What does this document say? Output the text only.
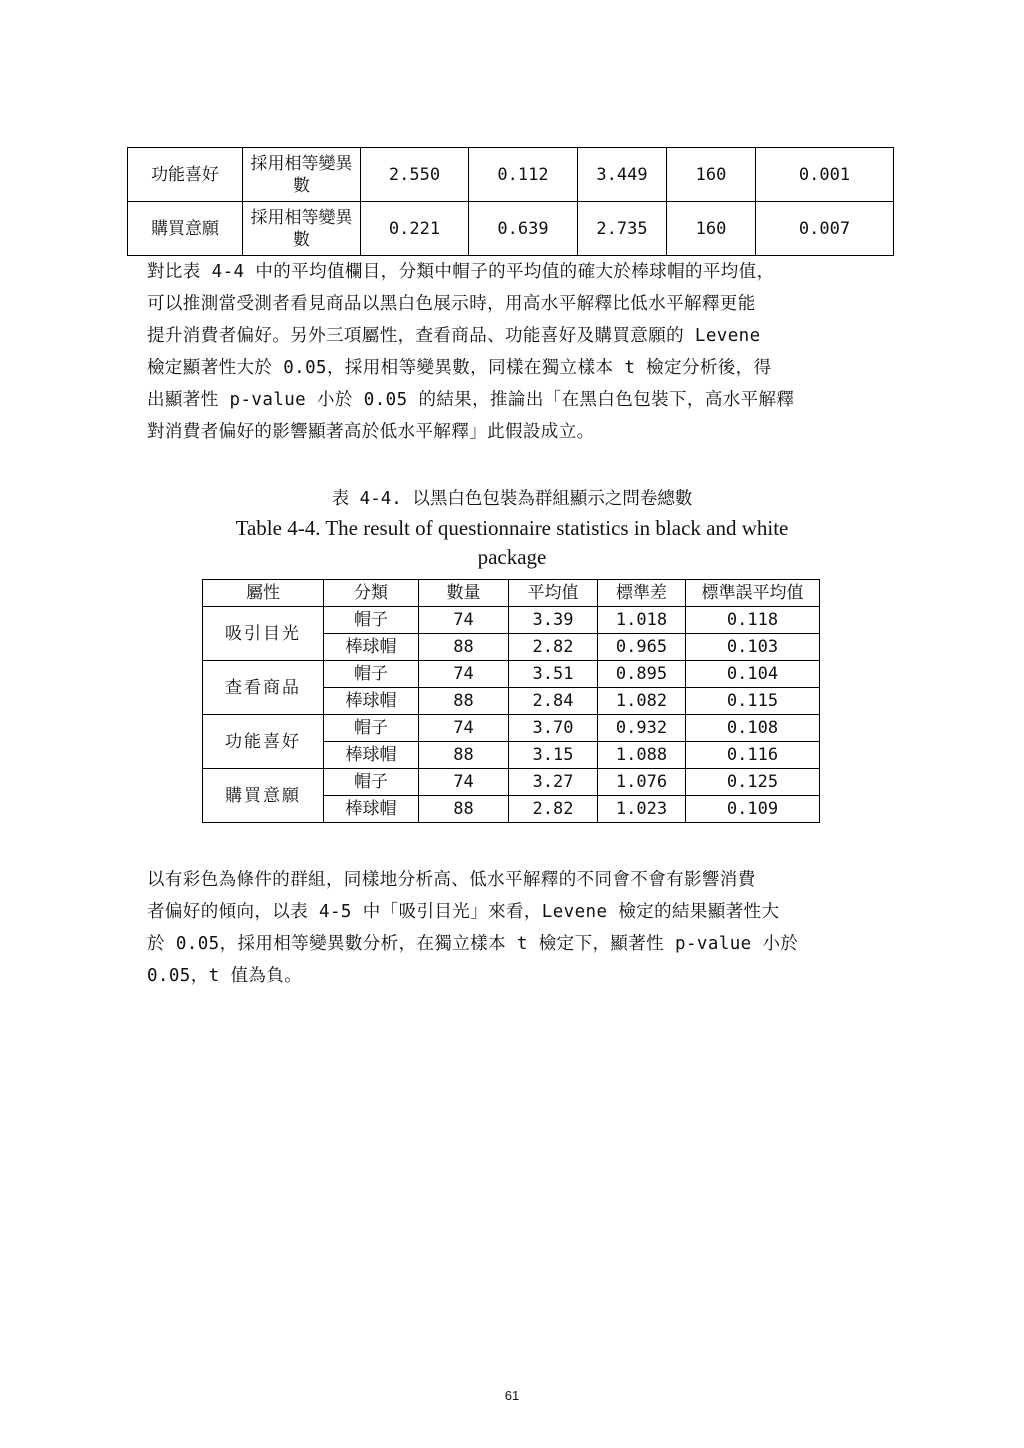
功能喜好	採用相等變異數	2.550	0.112	3.449	160	0.001
購買意願	採用相等變異數	0.221	0.639	2.735	160	0.007

對比表 4-4 中的平均值欄目，分類中帽子的平均值的確大於棒球帽的平均值，

可以推測當受測者看見商品以黑白色展示時，用高水平解釋比低水平解釋更能

提升消費者偏好。另外三項屬性，查看商品、功能喜好及購買意願的 Levene

檢定顯著性大於 0.05，採用相等變異數，同樣在獨立樣本 t 檢定分析後，得

出顯著性 p-value 小於 0.05 的結果，推論出「在黑白色包裝下，高水平解釋

對消費者偏好的影響顯著高於低水平解釋」此假設成立。

表 4-4. 以黑白色包裝為群組顯示之問卷總數
Table 4-4. The result of questionnaire statistics in black and white
package
屬性	分類	數量	平均值	標準差	標準誤平均值
吸引目光	帽子	74	3.39	1.018	0.118
	棒球帽	88	2.82	0.965	0.103
查看商品	帽子	74	3.51	0.895	0.104
	棒球帽	88	2.84	1.082	0.115
功能喜好	帽子	74	3.70	0.932	0.108
	棒球帽	88	3.15	1.088	0.116
購買意願	帽子	74	3.27	1.076	0.125
	棒球帽	88	2.82	1.023	0.109

以有彩色為條件的群組，同樣地分析高、低水平解釋的不同會不會有影響消費

者偏好的傾向，以表 4-5 中「吸引目光」來看，Levene 檢定的結果顯著性大

於 0.05，採用相等變異數分析，在獨立樣本 t 檢定下，顯著性 p-value 小於

0.05，t 值為負。

61
